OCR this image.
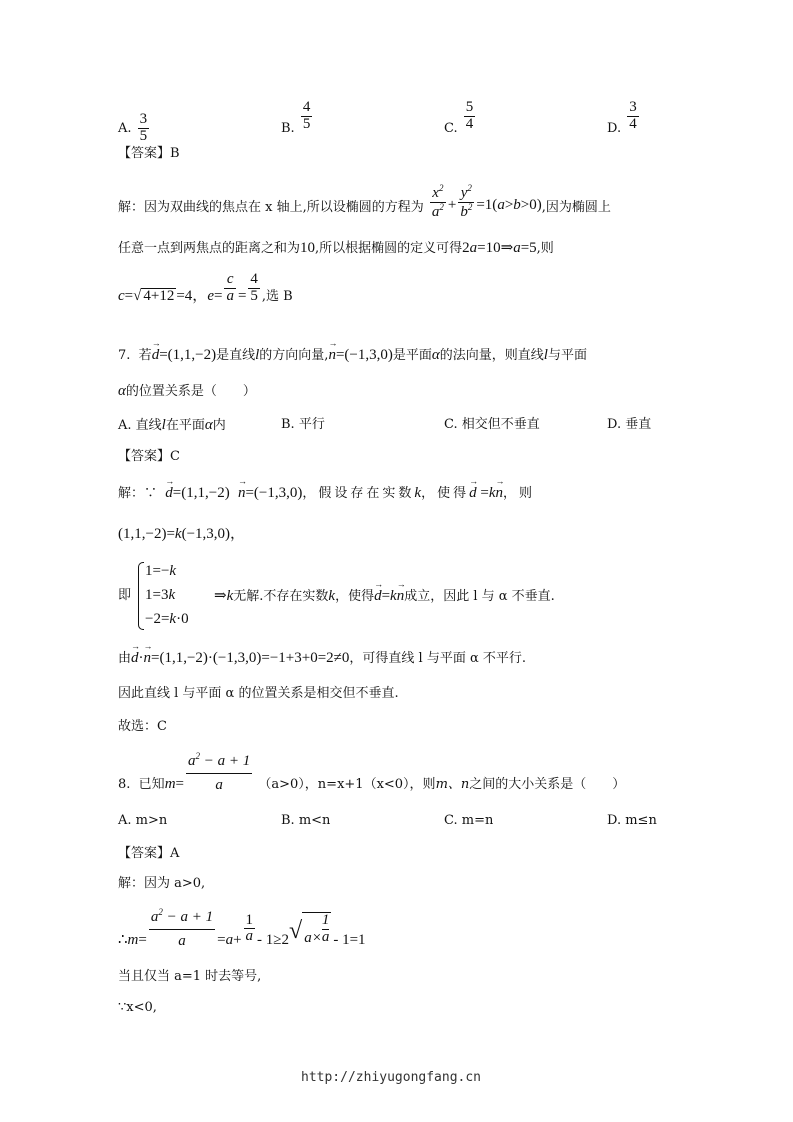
A. $\frac{3}{5}$	B. $\frac{4}{5}$	C. $\frac{5}{4}$	D. $\frac{3}{4}$
【答案】B
解：因为双曲线的焦点在 x 轴上,所以设椭圆的方程为 $\frac{x^2}{a^2} + \frac{y^2}{b^2} =1(a>b>0)$,因为椭圆上
任意一点到两焦点的距离之和为10,所以根据椭圆的定义可得2a=10⇒a=5,则
c=√ 4+12 =4，$e= \frac{c}{a} = \frac{4}{5}$ ,选 B
7. 若→ d=(1,1,−2)是直线l的方向向量,→ n=(−1,3,0)是平面α的法向量，则直线l与平面
α的位置关系是（　　）
A. 直线l在平面α内	B. 平行	C. 相交但不垂直	D. 垂直
【答案】C
解：∵ → d=(1,1,−2) → n=(−1,3,0)，假设存在实数k，使得→ d =k→ n，则
(1,1,−2)=k(−1,3,0)，
即
1=−k
1=3k
−2=k·0
⇒k无解.不存在实数k，使得→ d=k→ n成立，因此 l 与 α 不垂直.
由→ d·→ n=(1,1,−2)·(−1,3,0)=−1+3+0=2≠0，可得直线 l 与平面 α 不平行.
因此直线 l 与平面 α 的位置关系是相交但不垂直.
故选：C
8. 已知$m= \frac{a^2 - a + 1}{a} (a>0)$，n=x+1（x<0），则m、n之间的大小关系是（　　）
A. m>n	B. m<n	C. m=n	D. m≤n
【答案】A
解：因为 a>0,
∴m= $\frac{a^2 - a + 1}{a} =a+ \frac{1}{a} - 1\ge 2√$ $a\times \frac{1}{a} - 1=1$
当且仅当 a=1 时去等号,
∵x<0,
http://zhiyugongfang.cn
